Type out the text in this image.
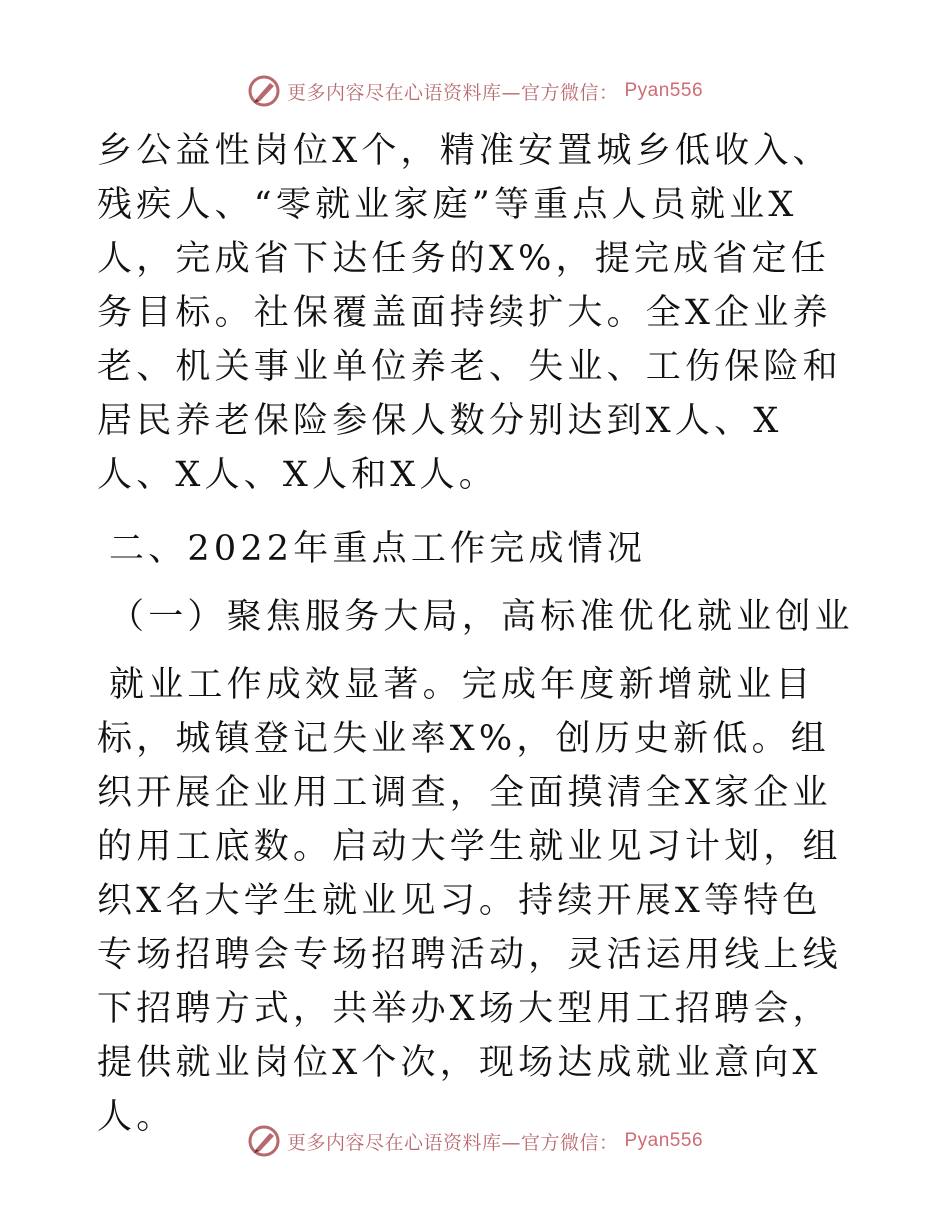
更多内容尽在心语资料库—官方微信： Pyan556

乡公益性岗位X个，精准安置城乡低收入、残疾人、“零就业家庭”等重点人员就业X人，完成省下达任务的X%，提完成省定任务目标。社保覆盖面持续扩大。全X企业养老、机关事业单位养老、失业、工伤保险和居民养老保险参保人数分别达到X人、X人、X人、X人和X人。

二、2022年重点工作完成情况

（一）聚焦服务大局，高标准优化就业创业

就业工作成效显著。完成年度新增就业目标，城镇登记失业率X%，创历史新低。组织开展企业用工调查，全面摸清全X家企业的用工底数。启动大学生就业见习计划，组织X名大学生就业见习。持续开展X等特色专场招聘会专场招聘活动，灵活运用线上线下招聘方式，共举办X场大型用工招聘会，提供就业岗位X个次，现场达成就业意向X人。

更多内容尽在心语资料库—官方微信： Pyan556
